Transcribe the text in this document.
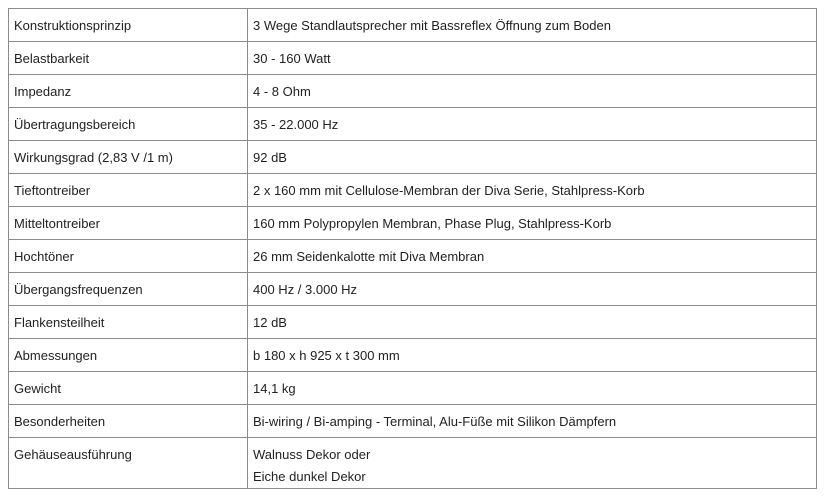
Konstruktionsprinzip	3 Wege Standlautsprecher mit Bassreflex Öffnung zum Boden
Belastbarkeit	30 - 160 Watt
Impedanz	4 - 8 Ohm
Übertragungsbereich	35 - 22.000 Hz
Wirkungsgrad (2,83 V /1 m)	92 dB
Tieftontreiber	2 x 160 mm mit Cellulose-Membran der Diva Serie, Stahlpress-Korb
Mitteltontreiber	160 mm Polypropylen Membran, Phase Plug, Stahlpress-Korb
Hochtöner	26 mm Seidenkalotte mit Diva Membran
Übergangsfrequenzen	400 Hz / 3.000 Hz
Flankensteilheit	12 dB
Abmessungen	b 180 x h 925 x t 300 mm
Gewicht	14,1 kg
Besonderheiten	Bi-wiring / Bi-amping - Terminal, Alu-Füße mit Silikon Dämpfern
Gehäuseausführung	Walnuss Dekor oder
Eiche dunkel Dekor
